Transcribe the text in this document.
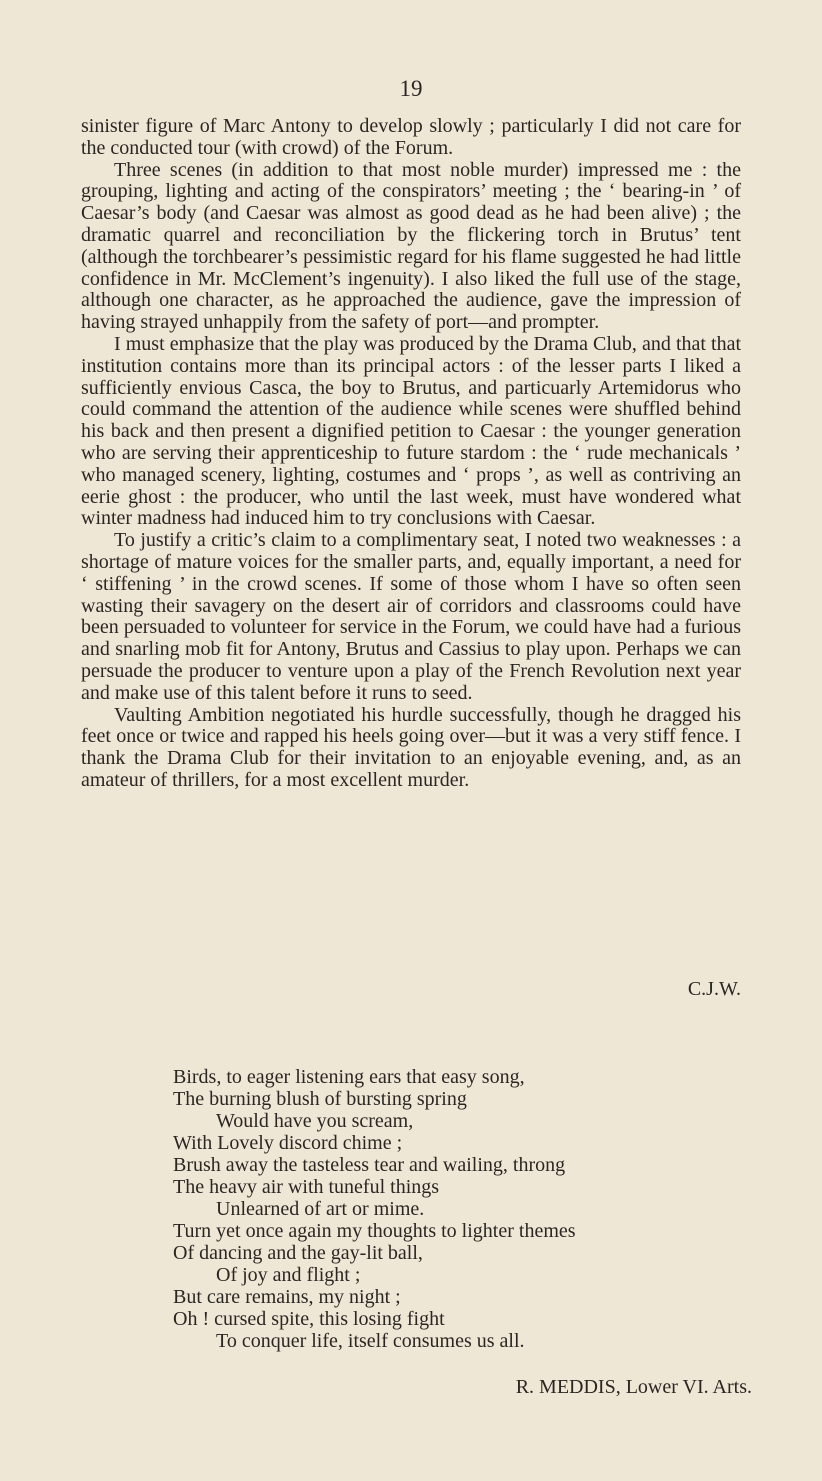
19

sinister figure of Marc Antony to develop slowly ; particularly I did not care for the conducted tour (with crowd) of the Forum.

Three scenes (in addition to that most noble murder) impressed me : the grouping, lighting and acting of the conspirators’ meeting ; the ‘ bearing-in ’ of Caesar’s body (and Caesar was almost as good dead as he had been alive) ; the dramatic quarrel and reconciliation by the flickering torch in Brutus’ tent (although the torchbearer’s pessimistic regard for his flame suggested he had little confidence in Mr. McClement’s ingenuity). I also liked the full use of the stage, although one character, as he approached the audience, gave the impression of having strayed unhappily from the safety of port—and prompter.

I must emphasize that the play was produced by the Drama Club, and that that institution contains more than its principal actors : of the lesser parts I liked a sufficiently envious Casca, the boy to Brutus, and particuarly Artemidorus who could command the attention of the audience while scenes were shuffled behind his back and then present a dignified petition to Caesar : the younger generation who are serving their apprenticeship to future stardom : the ‘ rude mechanicals ’ who managed scenery, lighting, costumes and ‘ props ’, as well as contriving an eerie ghost : the producer, who until the last week, must have wondered what winter madness had induced him to try conclusions with Caesar.

To justify a critic’s claim to a complimentary seat, I noted two weaknesses : a shortage of mature voices for the smaller parts, and, equally important, a need for ‘ stiffening ’ in the crowd scenes. If some of those whom I have so often seen wasting their savagery on the desert air of corridors and classrooms could have been persuaded to volunteer for service in the Forum, we could have had a furious and snarling mob fit for Antony, Brutus and Cassius to play upon. Perhaps we can persuade the producer to venture upon a play of the French Revolution next year and make use of this talent before it runs to seed.

Vaulting Ambition negotiated his hurdle successfully, though he dragged his feet once or twice and rapped his heels going over—but it was a very stiff fence. I thank the Drama Club for their invitation to an enjoyable evening, and, as an amateur of thrillers, for a most excellent murder.

C.J.W.
Birds, to eager listening ears that easy song,
The burning blush of bursting spring
Would have you scream,
With Lovely discord chime ;
Brush away the tasteless tear and wailing, throng
The heavy air with tuneful things
Unlearned of art or mime.
Turn yet once again my thoughts to lighter themes
Of dancing and the gay-lit ball,
Of joy and flight ;
But care remains, my night ;
Oh ! cursed spite, this losing fight
To conquer life, itself consumes us all.
R. MEDDIS, Lower VI. Arts.
